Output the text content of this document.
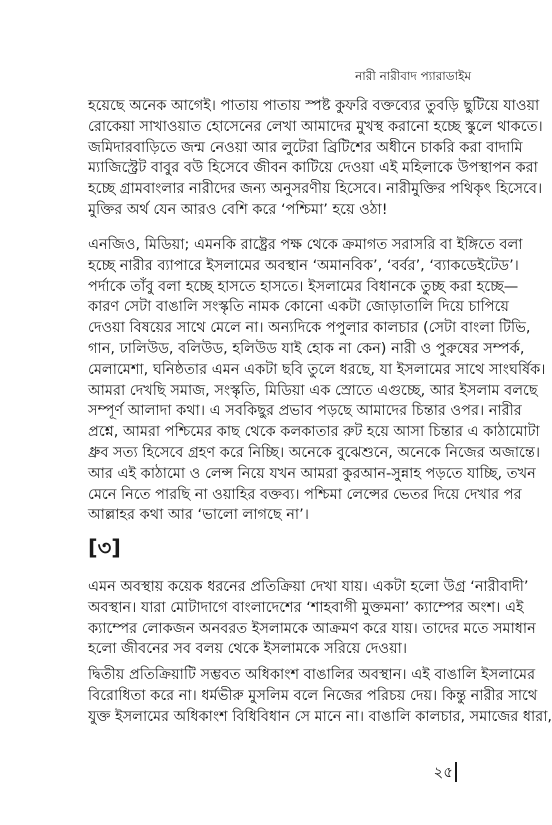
নারী নারীবাদ প্যারাডাইম
হয়েছে অনেক আগেই। পাতায় পাতায় স্পষ্ট কুফরি বক্তব্যের তুবড়ি ছুটিয়ে যাওয়া
রোকেয়া সাখাওয়াত হোসেনের লেখা আমাদের মুখস্থ করানো হচ্ছে স্কুলে থাকতে।
জমিদারবাড়িতে জন্ম নেওয়া আর লুটেরা ব্রিটিশের অধীনে চাকরি করা বাদামি
ম্যাজিস্ট্রেট বাবুর বউ হিসেবে জীবন কাটিয়ে দেওয়া এই মহিলাকে উপস্থাপন করা
হচ্ছে গ্রামবাংলার নারীদের জন্য অনুসরণীয় হিসেবে। নারীমুক্তির পথিকৃৎ হিসেবে।
মুক্তির অর্থ যেন আরও বেশি করে ‘পশ্চিমা’ হয়ে ওঠা!
এনজিও, মিডিয়া; এমনকি রাষ্ট্রের পক্ষ থেকে ক্রমাগত সরাসরি বা ইঙ্গিতে বলা
হচ্ছে নারীর ব্যাপারে ইসলামের অবস্থান ‘অমানবিক’, ‘বর্বর’, ‘ব্যাকডেইটেড’।
পর্দাকে তাঁবু বলা হচ্ছে হাসতে হাসতে। ইসলামের বিধানকে তুচ্ছ করা হচ্ছে—
কারণ সেটা বাঙালি সংস্কৃতি নামক কোনো একটা জোড়াতালি দিয়ে চাপিয়ে
দেওয়া বিষয়ের সাথে মেলে না। অন্যদিকে পপুলার কালচার (সেটা বাংলা টিভি,
গান, ঢালিউড, বলিউড, হলিউড যাই হোক না কেন) নারী ও পুরুষের সম্পর্ক,
মেলামেশা, ঘনিষ্ঠতার এমন একটা ছবি তুলে ধরছে, যা ইসলামের সাথে সাংঘর্ষিক।
আমরা দেখছি সমাজ, সংস্কৃতি, মিডিয়া এক স্রোতে এগুচ্ছে, আর ইসলাম বলছে
সম্পূর্ণ আলাদা কথা। এ সবকিছুর প্রভাব পড়ছে আমাদের চিন্তার ওপর। নারীর
প্রশ্নে, আমরা পশ্চিমের কাছ থেকে কলকাতার রুট হয়ে আসা চিন্তার এ কাঠামোটা
ধ্রুব সত্য হিসেবে গ্রহণ করে নিচ্ছি। অনেকে বুঝেশুনে, অনেকে নিজের অজান্তে।
আর এই কাঠামো ও লেন্স নিয়ে যখন আমরা কুরআন-সুন্নাহ পড়তে যাচ্ছি, তখন
মেনে নিতে পারছি না ওয়াহির বক্তব্য। পশ্চিমা লেন্সের ভেতর দিয়ে দেখার পর
আল্লাহর কথা আর ‘ভালো লাগছে না’।
[৩]
এমন অবস্থায় কয়েক ধরনের প্রতিক্রিয়া দেখা যায়। একটা হলো উগ্র ‘নারীবাদী’
অবস্থান। যারা মোটাদাগে বাংলাদেশের ‘শাহবাগী মুক্তমনা’ ক্যাম্পের অংশ। এই
ক্যাম্পের লোকজন অনবরত ইসলামকে আক্রমণ করে যায়। তাদের মতে সমাধান
হলো জীবনের সব বলয় থেকে ইসলামকে সরিয়ে দেওয়া।
দ্বিতীয় প্রতিক্রিয়াটি সম্ভবত অধিকাংশ বাঙালির অবস্থান। এই বাঙালি ইসলামের
বিরোধিতা করে না। ধর্মভীরু মুসলিম বলে নিজের পরিচয় দেয়। কিন্তু নারীর সাথে
যুক্ত ইসলামের অধিকাংশ বিধিবিধান সে মানে না। বাঙালি কালচার, সমাজের ধারা,
২৫
